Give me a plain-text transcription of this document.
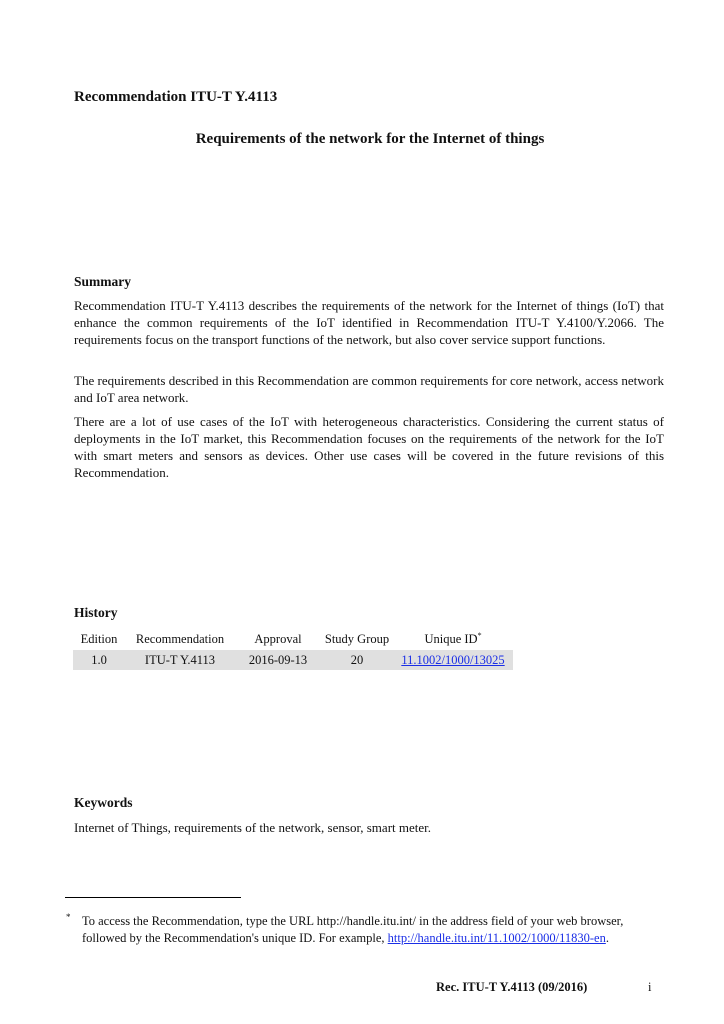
Recommendation ITU-T Y.4113
Requirements of the network for the Internet of things
Summary
Recommendation ITU-T Y.4113 describes the requirements of the network for the Internet of things (IoT) that enhance the common requirements of the IoT identified in Recommendation ITU-T Y.4100/Y.2066. The requirements focus on the transport functions of the network, but also cover service support functions.
The requirements described in this Recommendation are common requirements for core network, access network and IoT area network.
There are a lot of use cases of the IoT with heterogeneous characteristics. Considering the current status of deployments in the IoT market, this Recommendation focuses on the requirements of the network for the IoT with smart meters and sensors as devices. Other use cases will be covered in the future revisions of this Recommendation.
History
Edition	Recommendation	Approval	Study Group	Unique ID*
1.0	ITU-T Y.4113	2016-09-13	20	11.1002/1000/13025
Keywords
Internet of Things, requirements of the network, sensor, smart meter.
* To access the Recommendation, type the URL http://handle.itu.int/ in the address field of your web browser, followed by the Recommendation's unique ID. For example, http://handle.itu.int/11.1002/1000/11830-en.
Rec. ITU-T Y.4113 (09/2016)	i
